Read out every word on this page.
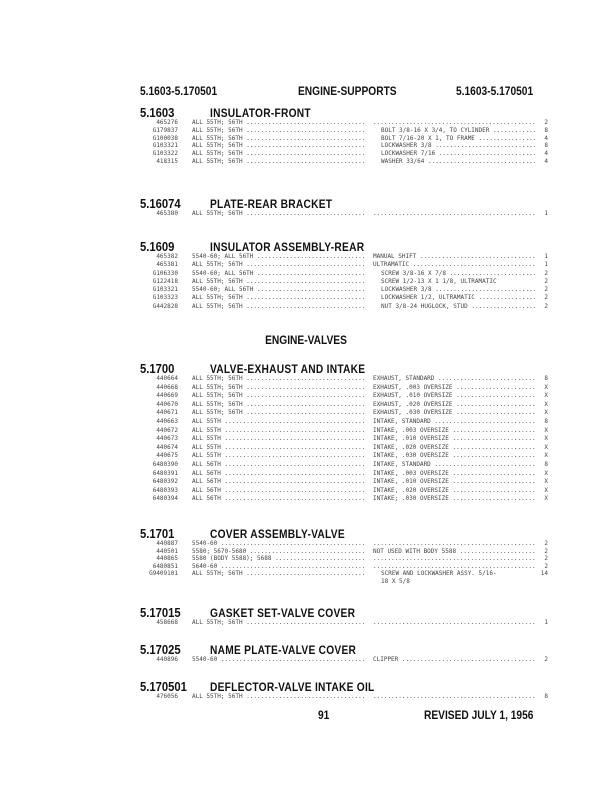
5.1603-5.170501	ENGINE-SUPPORTS	5.1603-5.170501
ENGINE-VALVES
5.1603	INSULATOR-FRONT
465276 ALL 55TH; 56TH ..... .....	2
G179837 ALL 55TH; 56TH .....	BOLT 3/8-16 X 3/4, TO CYLINDER .....	8
G100038 ALL 55TH; 56TH .....	BOLT 7/16-20 X 1, TO FRAME .....	4
G103321 ALL 55TH; 56TH .....	LOCKWASHER 3/8 .....	8
G103322 ALL 55TH; 56TH .....	LOCKWASHER 7/16 .....	4
418315 ALL 55TH; 56TH .....	WASHER 33/64 .....	4
5.16074	PLATE-REAR BRACKET
465380 ALL 55TH; 56TH ..... .....	1
5.1609	INSULATOR ASSEMBLY-REAR
465382 5540-60; ALL 56TH .....	MANUAL SHIFT .....	1
465381 ALL 55TH; 56TH .....	ULTRAMATIC .....	1
G106330 5540-60; ALL 56TH .....	SCREW 3/8-16 X 7/8 .....	2
G122418 ALL 55TH; 56TH .....	SCREW 1/2-13 X 1 1/8, ULTRAMATIC	2
G103321 5540-60; ALL 56TH .....	LOCKWASHER 3/8 .....	2
G103323 ALL 55TH; 56TH .....	LOCKWASHER 1/2, ULTRAMATIC .....	2
G442828 ALL 55TH; 56TH .....	NUT 3/8-24 HUGLOCK, STUD .....	2
5.1700	VALVE-EXHAUST AND INTAKE
440664 ALL 55TH; 56TH .....	EXHAUST, STANDARD .....	8
440668 ALL 55TH; 56TH .....	EXHAUST, .003 OVERSIZE .....	X
440669 ALL 55TH; 56TH .....	EXHAUST, .010 OVERSIZE .....	X
440670 ALL 55TH; 56TH .....	EXHAUST, .020 OVERSIZE .....	X
440671 ALL 55TH; 56TH .....	EXHAUST, .030 OVERSIZE .....	X
440663 ALL 55TH .....	INTAKE, STANDARD .....	8
440672 ALL 55TH .....	INTAKE, .003 OVERSIZE .....	X
440673 ALL 55TH .....	INTAKE, .010 OVERSIZE .....	X
440674 ALL 55TH .....	INTAKE, .020 OVERSIZE .....	X
440675 ALL 55TH .....	INTAKE, .030 OVERSIZE .....	X
6480390 ALL 56TH .....	INTAKE, STANDARD .....	8
6480391 ALL 56TH .....	INTAKE, .003 OVERSIZE .....	X
6480392 ALL 56TH .....	INTAKE, .010 OVERSIZE .....	X
6480393 ALL 56TH .....	INTAKE, .020 OVERSIZE .....	X
6480394 ALL 56TH .....	INTAKE; .030 OVERSIZE .....	X
5.1701	COVER ASSEMBLY-VALVE
440887 5540-60 ..... .....	2
440501 5580; 5670-5680 .....	NOT USED WITH BODY 5588 .....	2
440865 5580 (BODY 5588); 5688 ..... .....	2
6480851 5640-60 ..... .....	2
G9409101 ALL 55TH; 56TH .....	SCREW AND LOCKWASHER ASSY. 5/16-	14
18 X 5/8
5.17015	GASKET SET-VALVE COVER
458668 ALL 55TH; 56TH ..... .....	1
5.17025	NAME PLATE-VALVE COVER
440896 5540-60 .....	CLIPPER .....	2
5.170501	DEFLECTOR-VALVE INTAKE OIL
476056 ALL 55TH; 56TH ..... .....	8
91	REVISED JULY 1, 1956
